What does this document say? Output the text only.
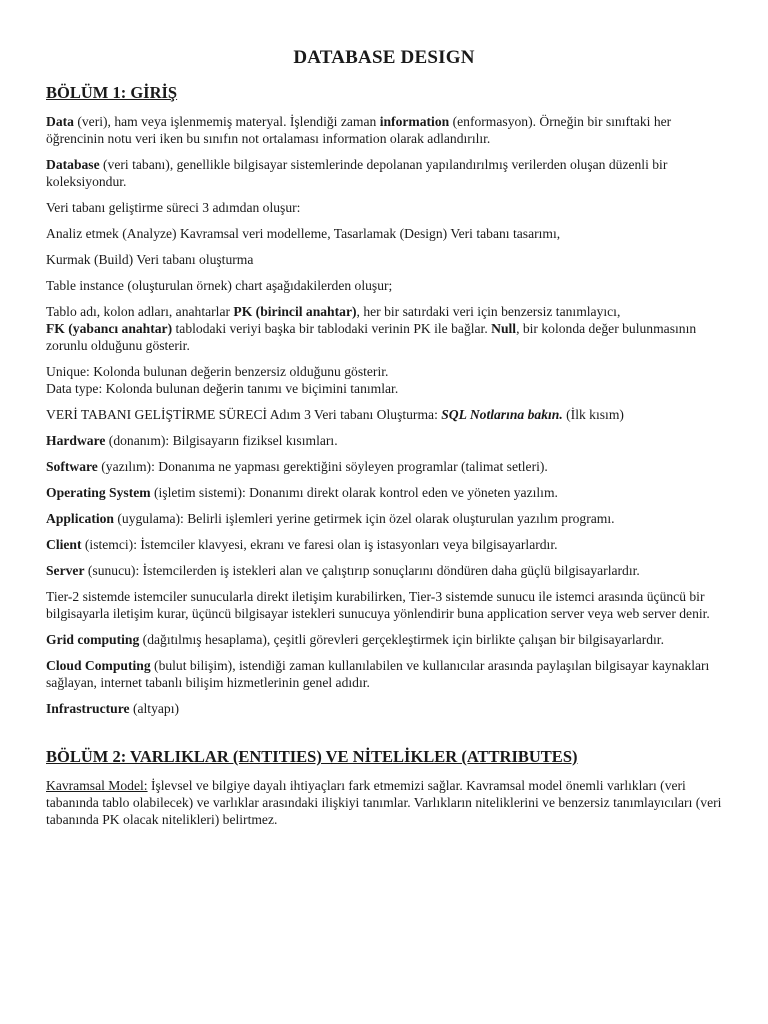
DATABASE DESIGN
BÖLÜM 1: GİRİŞ

Data (veri), ham veya işlenmemiş materyal. İşlendiği zaman information (enformasyon). Örneğin bir sınıftaki her öğrencinin notu veri iken bu sınıfın not ortalaması information olarak adlandırılır.

Database (veri tabanı), genellikle bilgisayar sistemlerinde depolanan yapılandırılmış verilerden oluşan düzenli bir koleksiyondur.

Veri tabanı geliştirme süreci 3 adımdan oluşur:

Analiz etmek (Analyze) Kavramsal veri modelleme, Tasarlamak (Design) Veri tabanı tasarımı,

Kurmak (Build) Veri tabanı oluşturma

Table instance (oluşturulan örnek) chart aşağıdakilerden oluşur;

Tablo adı, kolon adları, anahtarlar PK (birincil anahtar), her bir satırdaki veri için benzersiz tanımlayıcı,
FK (yabancı anahtar) tablodaki veriyi başka bir tablodaki verinin PK ile bağlar. Null, bir kolonda değer bulunmasının zorunlu olduğunu gösterir.

Unique: Kolonda bulunan değerin benzersiz olduğunu gösterir.

Data type: Kolonda bulunan değerin tanımı ve biçimini tanımlar.

VERİ TABANI GELİŞTİRME SÜRECİ Adım 3 Veri tabanı Oluşturma: SQL Notlarına bakın. (İlk kısım)

Hardware (donanım): Bilgisayarın fiziksel kısımları.

Software (yazılım): Donanıma ne yapması gerektiğini söyleyen programlar (talimat setleri).

Operating System (işletim sistemi): Donanımı direkt olarak kontrol eden ve yöneten yazılım.

Application (uygulama): Belirli işlemleri yerine getirmek için özel olarak oluşturulan yazılım programı.

Client (istemci): İstemciler klavyesi, ekranı ve faresi olan iş istasyonları veya bilgisayarlardır.

Server (sunucu): İstemcilerden iş istekleri alan ve çalıştırıp sonuçlarını döndüren daha güçlü bilgisayarlardır.

Tier-2 sistemde istemciler sunucularla direkt iletişim kurabilirken, Tier-3 sistemde sunucu ile istemci arasında üçüncü bir bilgisayarla iletişim kurar, üçüncü bilgisayar istekleri sunucuya yönlendirir buna application server veya web server denir.

Grid computing (dağıtılmış hesaplama), çeşitli görevleri gerçekleştirmek için birlikte çalışan bir bilgisayarlardır.

Cloud Computing (bulut bilişim), istendiği zaman kullanılabilen ve kullanıcılar arasında paylaşılan bilgisayar kaynakları sağlayan, internet tabanlı bilişim hizmetlerinin genel adıdır.

Infrastructure (altyapı)

BÖLÜM 2: VARLIKLAR (ENTITIES) VE NİTELİKLER (ATTRIBUTES)

Kavramsal Model: İşlevsel ve bilgiye dayalı ihtiyaçları fark etmemizi sağlar. Kavramsal model önemli varlıkları (veri tabanında tablo olabilecek) ve varlıklar arasındaki ilişkiyi tanımlar. Varlıkların niteliklerini ve benzersiz tanımlayıcıları (veri tabanında PK olacak nitelikleri) belirtmez.
